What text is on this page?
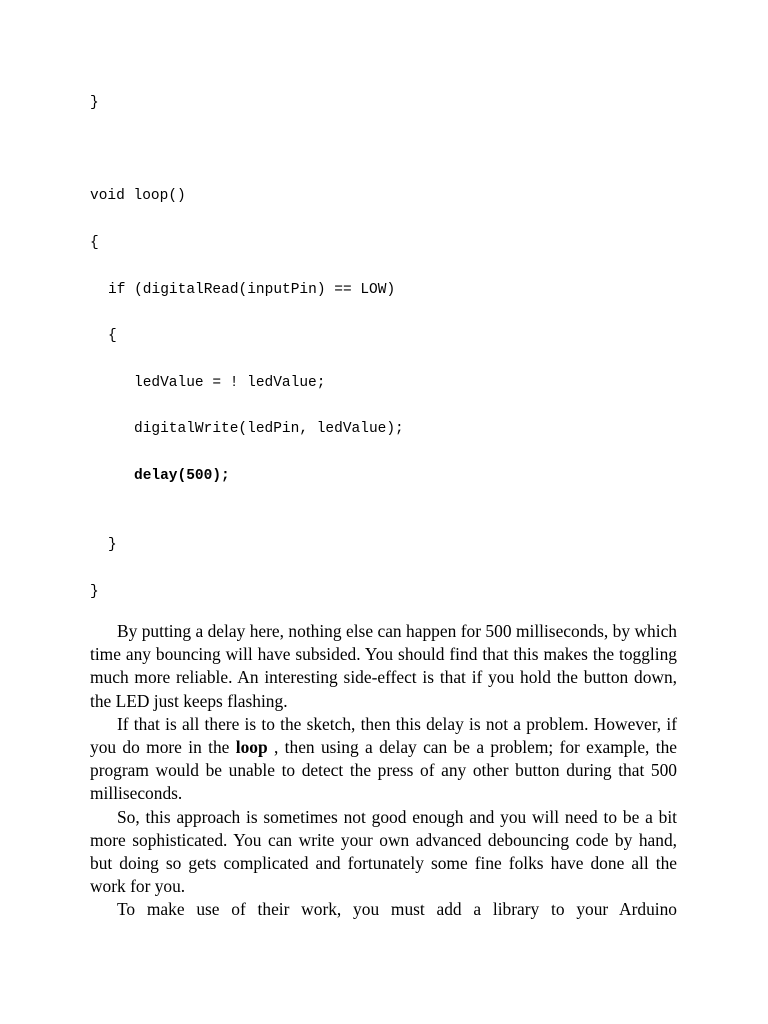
}
void loop()
{
if (digitalRead(inputPin) == LOW)
{
ledValue = ! ledValue;
digitalWrite(ledPin, ledValue);
delay(500);
}
}

By putting a delay here, nothing else can happen for 500 milliseconds, by which time any bouncing will have subsided. You should find that this makes the toggling much more reliable. An interesting side-effect is that if you hold the button down, the LED just keeps flashing.

If that is all there is to the sketch, then this delay is not a problem. However, if you do more in the loop , then using a delay can be a problem; for example, the program would be unable to detect the press of any other button during that 500 milliseconds.

So, this approach is sometimes not good enough and you will need to be a bit more sophisticated. You can write your own advanced debouncing code by hand, but doing so gets complicated and fortunately some fine folks have done all the work for you.

To make use of their work, you must add a library to your Arduino
